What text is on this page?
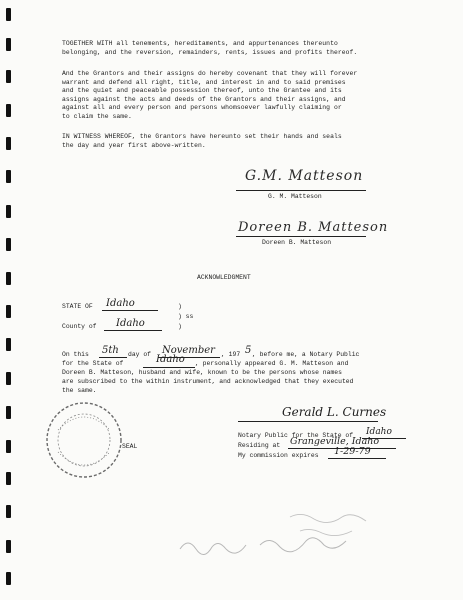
TOGETHER WITH all tenements, hereditaments, and appurtenances thereunto
belonging, and the reversion, remainders, rents, issues and profits thereof.
And the Grantors and their assigns do hereby covenant that they will forever
warrant and defend all right, title, and interest in and to said premises
and the quiet and peaceable possession thereof, unto the Grantee and its
assigns against the acts and deeds of the Grantors and their assigns, and
against all and every person and persons whomsoever lawfully claiming or
to claim the same.
IN WITNESS WHEREOF, the Grantors have hereunto set their hands and seals
the day and year first above-written.
G.M. Matteson
G. M. Matteson
Doreen B. Matteson
Doreen B. Matteson
ACKNOWLEDGMENT
STATE OF Idaho	)
) ss
County of Idaho	)
On this 5th day of November , 197 5 , before me, a Notary Public
for the State of	Idaho , personally appeared G. M. Matteson and
Doreen B. Matteson, husband and wife, known to be the persons whose names
are subscribed to the within instrument, and acknowledged that they executed
the same.
SEAL
Gerald L. Curnes
Notary Public for the State of Idaho
Residing at Grangeville, Idaho
My commission expires 1-29-79
